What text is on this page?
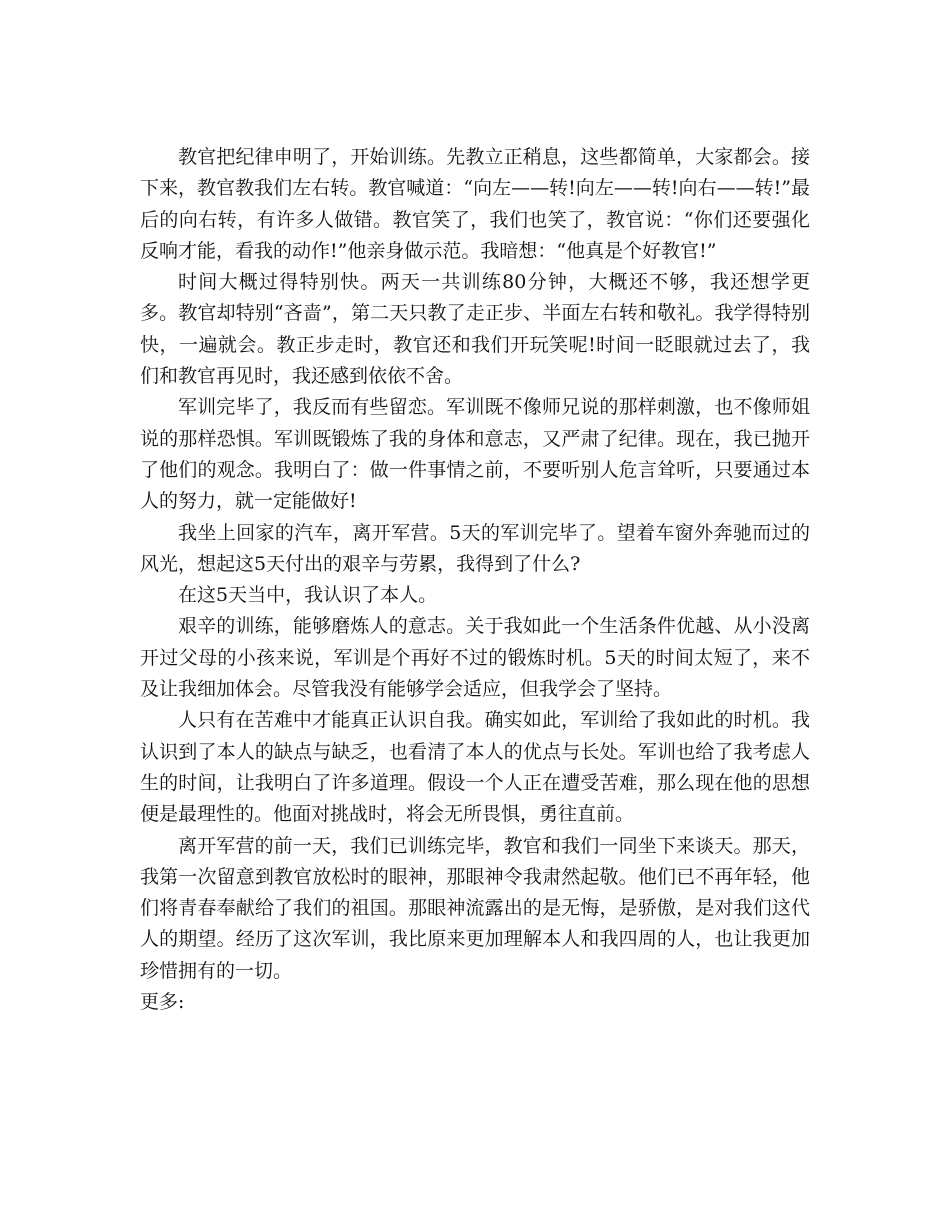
教官把纪律申明了，开始训练。先教立正稍息，这些都简单，大家都会。接下来，教官教我们左右转。教官喊道：“向左——转!向左——转!向右——转!”最后的向右转，有许多人做错。教官笑了，我们也笑了，教官说：“你们还要强化反响才能，看我的动作!”他亲身做示范。我暗想：“他真是个好教官!”

时间大概过得特别快。两天一共训练80分钟，大概还不够，我还想学更多。教官却特别“吝啬”，第二天只教了走正步、半面左右转和敬礼。我学得特别快，一遍就会。教正步走时，教官还和我们开玩笑呢!时间一眨眼就过去了，我们和教官再见时，我还感到依依不舍。

军训完毕了，我反而有些留恋。军训既不像师兄说的那样刺激，也不像师姐说的那样恐惧。军训既锻炼了我的身体和意志，又严肃了纪律。现在，我已抛开了他们的观念。我明白了：做一件事情之前，不要听别人危言耸听，只要通过本人的努力，就一定能做好!

我坐上回家的汽车，离开军营。5天的军训完毕了。望着车窗外奔驰而过的风光，想起这5天付出的艰辛与劳累，我得到了什么?

在这5天当中，我认识了本人。

艰辛的训练，能够磨炼人的意志。关于我如此一个生活条件优越、从小没离开过父母的小孩来说，军训是个再好不过的锻炼时机。5天的时间太短了，来不及让我细加体会。尽管我没有能够学会适应，但我学会了坚持。

人只有在苦难中才能真正认识自我。确实如此，军训给了我如此的时机。我认识到了本人的缺点与缺乏，也看清了本人的优点与长处。军训也给了我考虑人生的时间，让我明白了许多道理。假设一个人正在遭受苦难，那么现在他的思想便是最理性的。他面对挑战时，将会无所畏惧，勇往直前。

离开军营的前一天，我们已训练完毕，教官和我们一同坐下来谈天。那天，我第一次留意到教官放松时的眼神，那眼神令我肃然起敬。他们已不再年轻，他们将青春奉献给了我们的祖国。那眼神流露出的是无悔，是骄傲，是对我们这代人的期望。经历了这次军训，我比原来更加理解本人和我四周的人，也让我更加珍惜拥有的一切。

更多:
